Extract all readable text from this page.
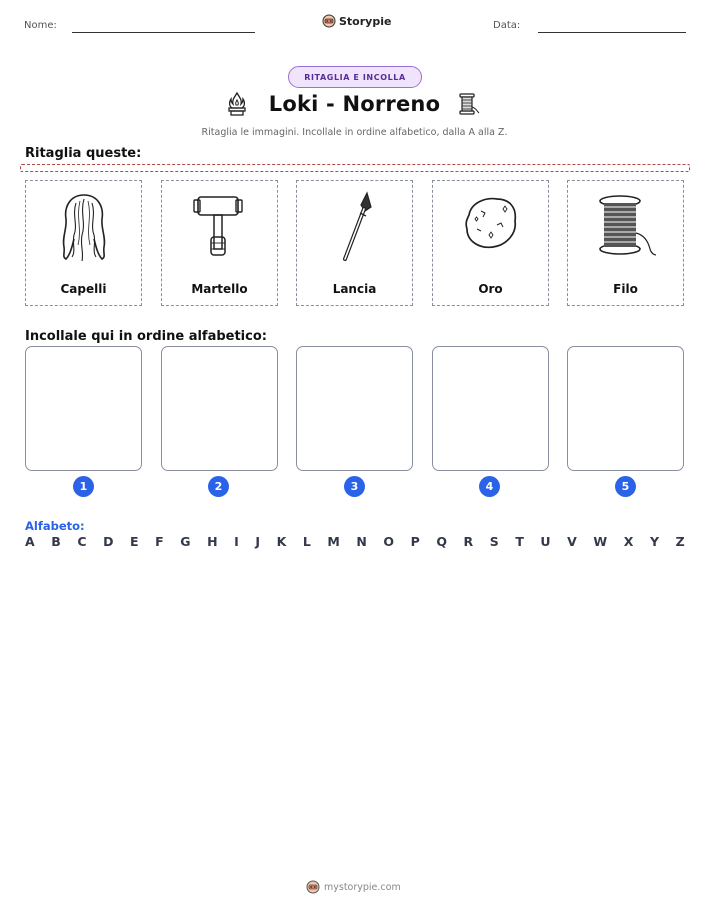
Nome:	Storypie	Data:
RITAGLIA E INCOLLA
Loki - Norreno
Ritaglia le immagini. Incollale in ordine alfabetico, dalla A alla Z.
Ritaglia queste:
Capelli	Martello	Lancia	Oro	Filo
Incollale qui in ordine alfabetico:
1	2	3	4	5
Alfabeto:
A B C D E F G H I J K L M N O P Q R S T U V W X Y Z
mystorypie.com
